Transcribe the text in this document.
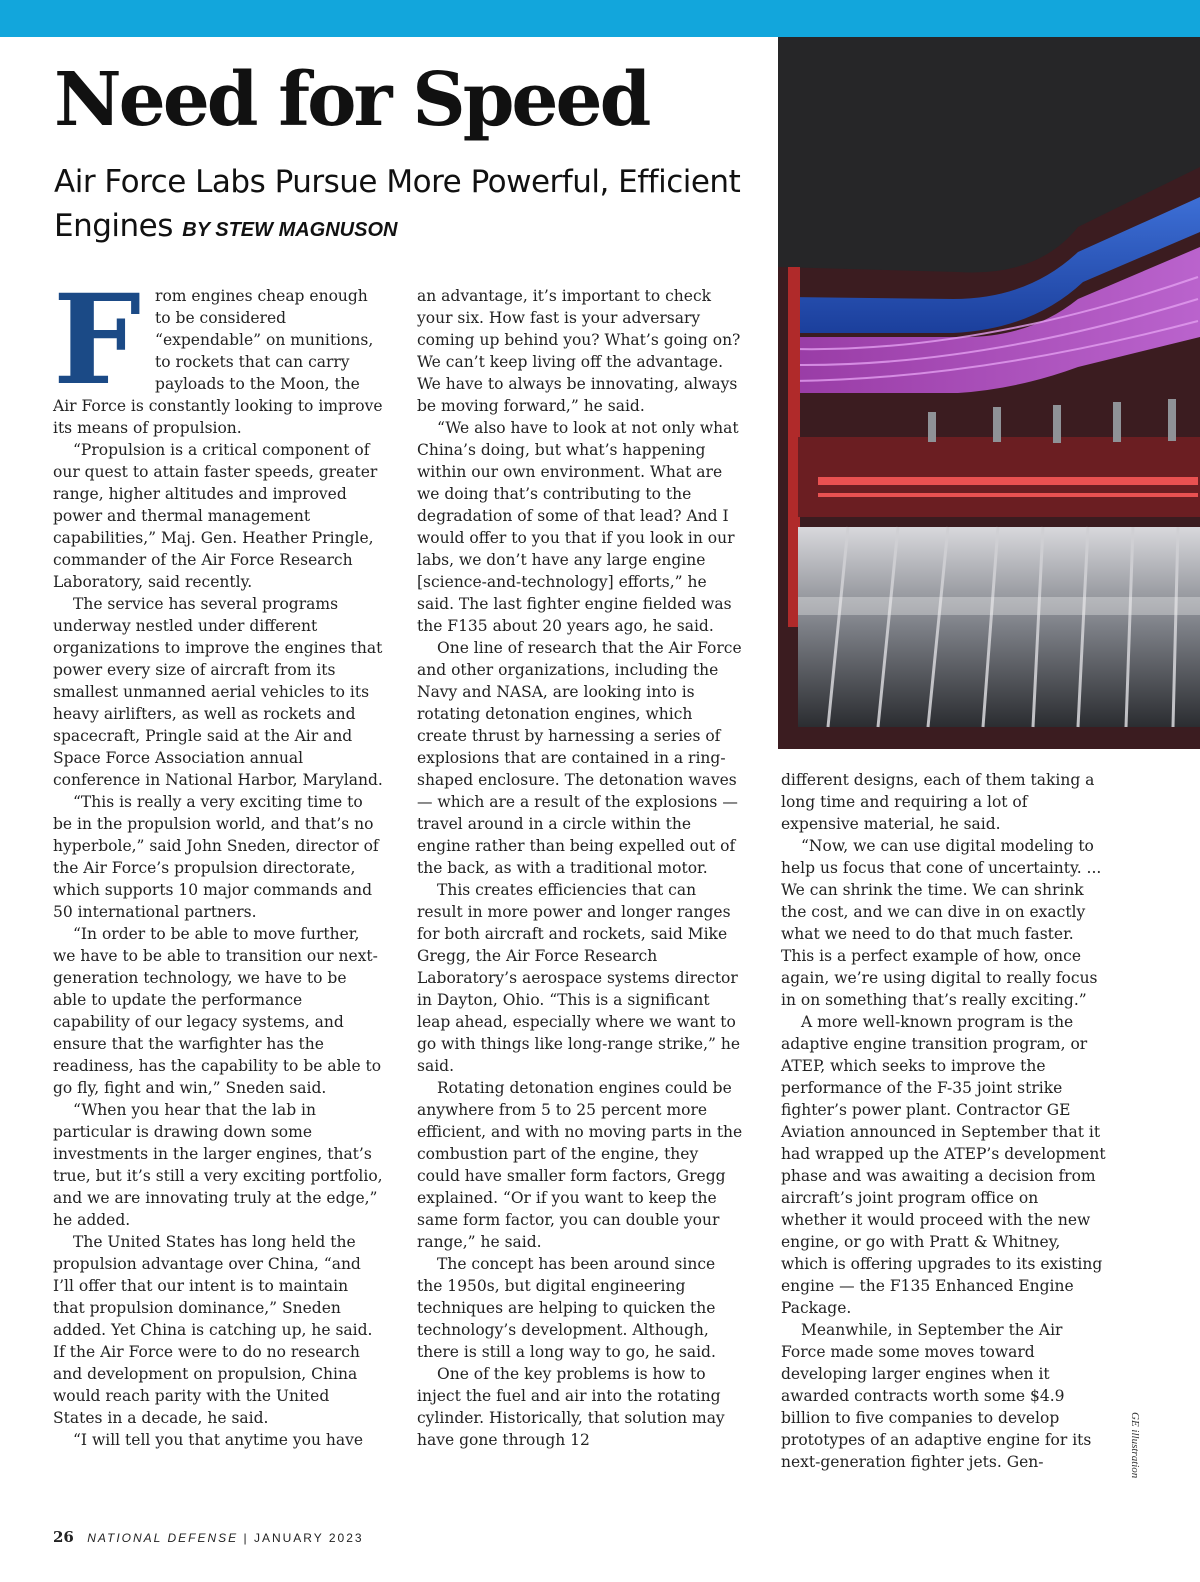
Need for Speed
Air Force Labs Pursue More Powerful, Efficient Engines BY STEW MAGNUSON
F rom engines cheap enough to be considered “expendable” on munitions, to rockets that can carry payloads to the Moon, the Air Force is constantly looking to improve its means of propulsion.

“Propulsion is a critical component of our quest to attain faster speeds, greater range, higher altitudes and improved power and thermal management capabilities,” Maj. Gen. Heather Pringle, commander of the Air Force Research Laboratory, said recently.

The service has several programs underway nestled under different organizations to improve the engines that power every size of aircraft from its smallest unmanned aerial vehicles to its heavy airlifters, as well as rockets and spacecraft, Pringle said at the Air and Space Force Association annual conference in National Harbor, Maryland.

“This is really a very exciting time to be in the propulsion world, and that’s no hyperbole,” said John Sneden, director of the Air Force’s propulsion directorate, which supports 10 major commands and 50 international partners.

“In order to be able to move further, we have to be able to transition our next-generation technology, we have to be able to update the performance capability of our legacy systems, and ensure that the warfighter has the readiness, has the capability to be able to go fly, fight and win,” Sneden said.

“When you hear that the lab in particular is drawing down some investments in the larger engines, that’s true, but it’s still a very exciting portfolio, and we are innovating truly at the edge,” he added.

The United States has long held the propulsion advantage over China, “and I’ll offer that our intent is to maintain that propulsion dominance,” Sneden added. Yet China is catching up, he said. If the Air Force were to do no research and development on propulsion, China would reach parity with the United States in a decade, he said.

“I will tell you that anytime you have

an advantage, it’s important to check your six. How fast is your adversary coming up behind you? What’s going on? We can’t keep living off the advantage. We have to always be innovating, always be moving forward,” he said.

“We also have to look at not only what China’s doing, but what’s happening within our own environment. What are we doing that’s contributing to the degradation of some of that lead? And I would offer to you that if you look in our labs, we don’t have any large engine [science-and-technology] efforts,” he said. The last fighter engine fielded was the F135 about 20 years ago, he said.

One line of research that the Air Force and other organizations, including the Navy and NASA, are looking into is rotating detonation engines, which create thrust by harnessing a series of explosions that are contained in a ring-shaped enclosure. The detonation waves — which are a result of the explosions — travel around in a circle within the engine rather than being expelled out of the back, as with a traditional motor.

This creates efficiencies that can result in more power and longer ranges for both aircraft and rockets, said Mike Gregg, the Air Force Research Laboratory’s aerospace systems director in Dayton, Ohio. “This is a significant leap ahead, especially where we want to go with things like long-range strike,” he said.

Rotating detonation engines could be anywhere from 5 to 25 percent more efficient, and with no moving parts in the combustion part of the engine, they could have smaller form factors, Gregg explained. “Or if you want to keep the same form factor, you can double your range,” he said.

The concept has been around since the 1950s, but digital engineering techniques are helping to quicken the technology’s development. Although, there is still a long way to go, he said.

One of the key problems is how to inject the fuel and air into the rotating cylinder. Historically, that solution may have gone through 12

different designs, each of them taking a long time and requiring a lot of expensive material, he said.

“Now, we can use digital modeling to help us focus that cone of uncertainty. ... We can shrink the time. We can shrink the cost, and we can dive in on exactly what we need to do that much faster. This is a perfect example of how, once again, we’re using digital to really focus in on something that’s really exciting.”

A more well-known program is the adaptive engine transition program, or ATEP, which seeks to improve the performance of the F-35 joint strike fighter’s power plant. Contractor GE Aviation announced in September that it had wrapped up the ATEP’s development phase and was awaiting a decision from aircraft’s joint program office on whether it would proceed with the new engine, or go with Pratt & Whitney, which is offering upgrades to its existing engine — the F135 Enhanced Engine Package.

Meanwhile, in September the Air Force made some moves toward developing larger engines when it awarded contracts worth some $4.9 billion to five companies to develop prototypes of an adaptive engine for its next-generation fighter jets. Gen-	GE illustration
26 NATIONAL DEFENSE | JANUARY 2023
